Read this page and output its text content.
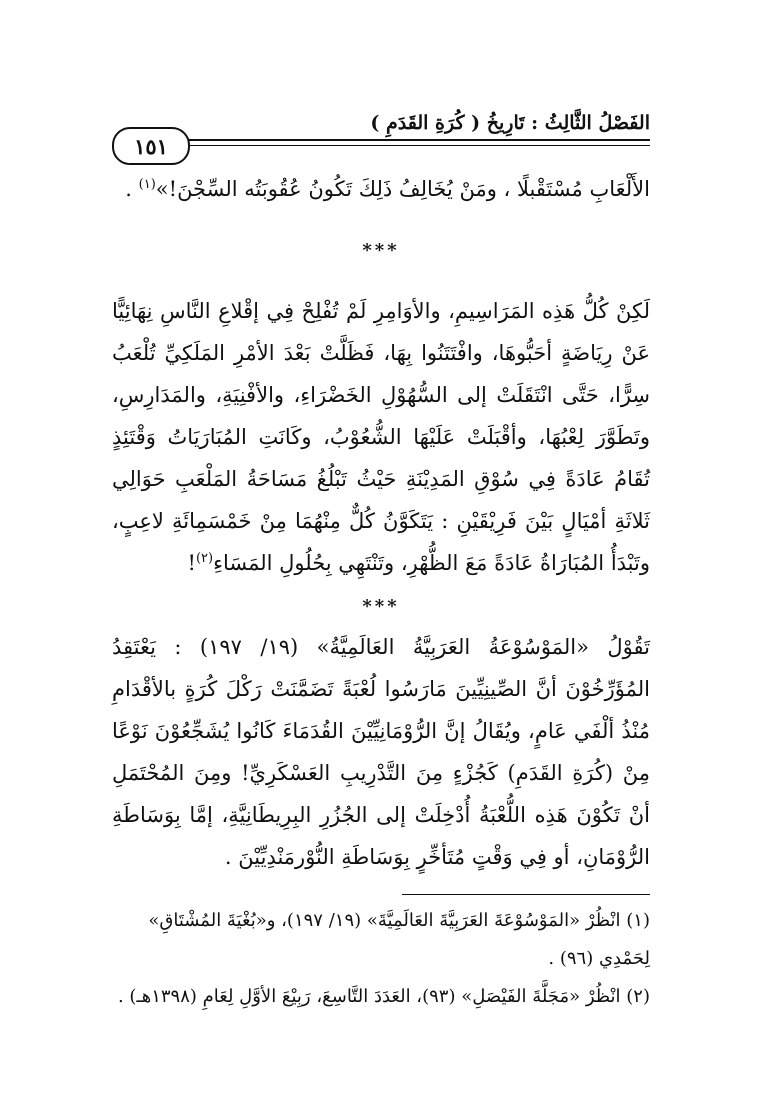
الفَصْلُ الثَّالِثُ : تَارِيخُ ( كُرَةِ القَدَمِ )
١٥١

الأَلْعَابِ مُسْتَقْبلًا ، ومَنْ يُخَالِفُ ذَلِكَ تَكُونُ عُقُوبَتُه السِّجْنَ!»$^{(١)}$ .

***

لَكِنْ كُلُّ هَذِه المَرَاسِيمِ، والأوَامِرِ لَمْ تُفْلِحْ فِي إقْلاعِ النَّاسِ نِهَائِيًّا عَنْ رِيَاضَةٍ أحَبُّوهَا، وافْتَتَنُوا بِهَا، فَظَلَّتْ بَعْدَ الأمْرِ المَلَكِيِّ تُلْعَبُ سِرًّا، حَتَّى انْتَقَلَتْ إلى السُّهُوْلِ الخَضْرَاءِ، والأفْنِيَةِ، والمَدَارِسِ، وتَطَوَّرَ لِعْبُهَا، وأقْبَلَتْ عَلَيْهَا الشُّعُوْبُ، وكَانَتِ المُبَارَيَاتُ وَقْتَئِذٍ تُقَامُ عَادَةً فِي سُوْقِ المَدِيْنَةِ حَيْثُ تَبْلُغُ مَسَاحَةُ المَلْعَبِ حَوَالِي ثَلاثَةِ أمْيَالٍ بَيْنَ فَرِيْقَيْنِ : يَتَكَوَّنُ كُلٌّ مِنْهُمَا مِنْ خَمْسَمِائَةِ لاعِبٍ، وتَبْدَأُ المُبَارَاةُ عَادَةً مَعَ الظُّهْرِ، وتَنْتَهِي بِحُلُولِ المَسَاءِ$^{(٢)}$!

***

تَقُوْلُ «المَوْسُوْعَةُ العَرَبِيَّةُ العَالَمِيَّةُ» (١٩/ ١٩٧) : يَعْتَقِدُ المُؤَرِّخُوْنَ أنَّ الصِّينِيِّينَ مَارَسُوا لُعْبَةً تَضَمَّنَتْ رَكْلَ كُرَةٍ بالأقْدَامِ مُنْذُ ألْفَي عَامٍ، ويُقَالُ إنَّ الرُّوْمَانِيِّيْنَ القُدَمَاءَ كَانُوا يُشَجِّعُوْنَ نَوْعًا مِنْ (كُرَةِ القَدَمِ) كَجُزْءٍ مِنَ التَّدْرِيبِ العَسْكَرِيِّ! ومِنَ المُحْتَمَلِ أنْ تَكُوْنَ هَذِه اللُّعْبَةُ أُدْخِلَتْ إلى الجُزُرِ البِرِيطَانِيَّةِ، إمَّا بِوَسَاطَةِ الرُّوْمَانِ، أو فِي وَقْتٍ مُتَأخِّرٍ بِوَسَاطَةِ النُّوْرمَنْدِيِّيْنَ .

(١) انْظُرْ «المَوْسُوْعَةَ العَرَبِيَّةَ العَالَمِيَّةَ» (١٩/ ١٩٧)، و«بُغْيَةَ المُشْتَاقِ» لِحَمْدِي (٩٦) .

(٢) انْظُرْ «مَجَلَّةَ الفَيْصَلِ» (٩٣)، العَدَدَ التَّاسِعَ، رَبِيْعَ الأوَّلِ لِعَامِ (١٣٩٨هـ) .
